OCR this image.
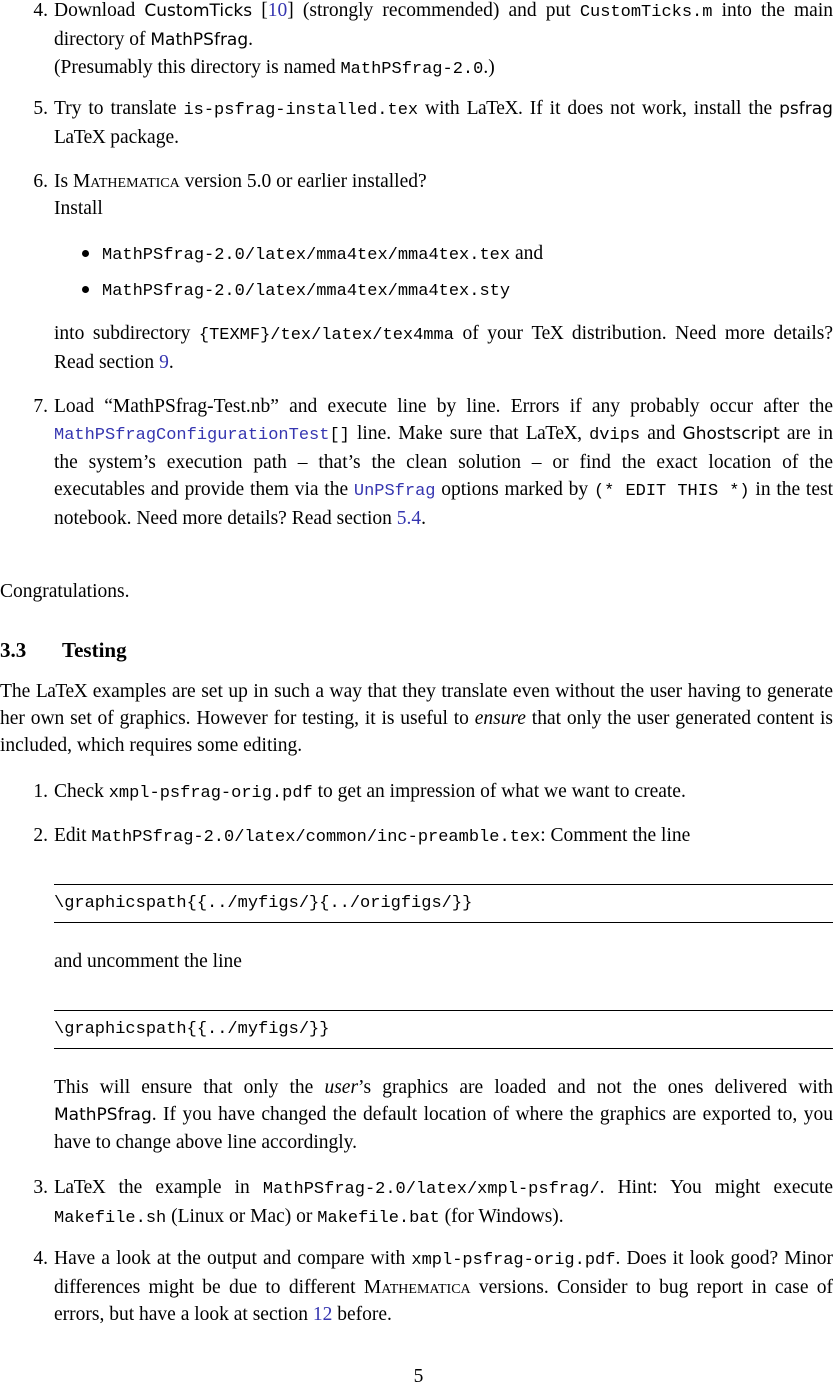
4. Download CustomTicks [10] (strongly recommended) and put CustomTicks.m into the main directory of MathPSfrag.
(Presumably this directory is named MathPSfrag-2.0.)
5. Try to translate is-psfrag-installed.tex with LaTeX. If it does not work, install the psfrag LaTeX package.
6. Is Mathematica version 5.0 or earlier installed?
Install
MathPSfrag-2.0/latex/mma4tex/mma4tex.tex and
MathPSfrag-2.0/latex/mma4tex/mma4tex.sty
into subdirectory {TEXMF}/tex/latex/tex4mma of your TeX distribution. Need more details? Read section 9.
7. Load “MathPSfrag-Test.nb” and execute line by line. Errors if any probably occur after the MathPSfragConfigurationTest[] line. Make sure that LaTeX, dvips and Ghostscript are in the system’s execution path – that’s the clean solution – or find the exact location of the executables and provide them via the UnPSfrag options marked by (* EDIT THIS *) in the test notebook. Need more details? Read section 5.4.
Congratulations.
3.3 Testing
The LaTeX examples are set up in such a way that they translate even without the user having to generate her own set of graphics. However for testing, it is useful to ensure that only the user generated content is included, which requires some editing.
1. Check xmpl-psfrag-orig.pdf to get an impression of what we want to create.
2. Edit MathPSfrag-2.0/latex/common/inc-preamble.tex: Comment the line
\graphicspath{{../myfigs/}{../origfigs/}}
and uncomment the line
\graphicspath{{../myfigs/}}
This will ensure that only the user’s graphics are loaded and not the ones delivered with MathPSfrag. If you have changed the default location of where the graphics are exported to, you have to change above line accordingly.
3. LaTeX the example in MathPSfrag-2.0/latex/xmpl-psfrag/. Hint: You might execute Makefile.sh (Linux or Mac) or Makefile.bat (for Windows).
4. Have a look at the output and compare with xmpl-psfrag-orig.pdf. Does it look good? Minor differences might be due to different Mathematica versions. Consider to bug report in case of errors, but have a look at section 12 before.
5
